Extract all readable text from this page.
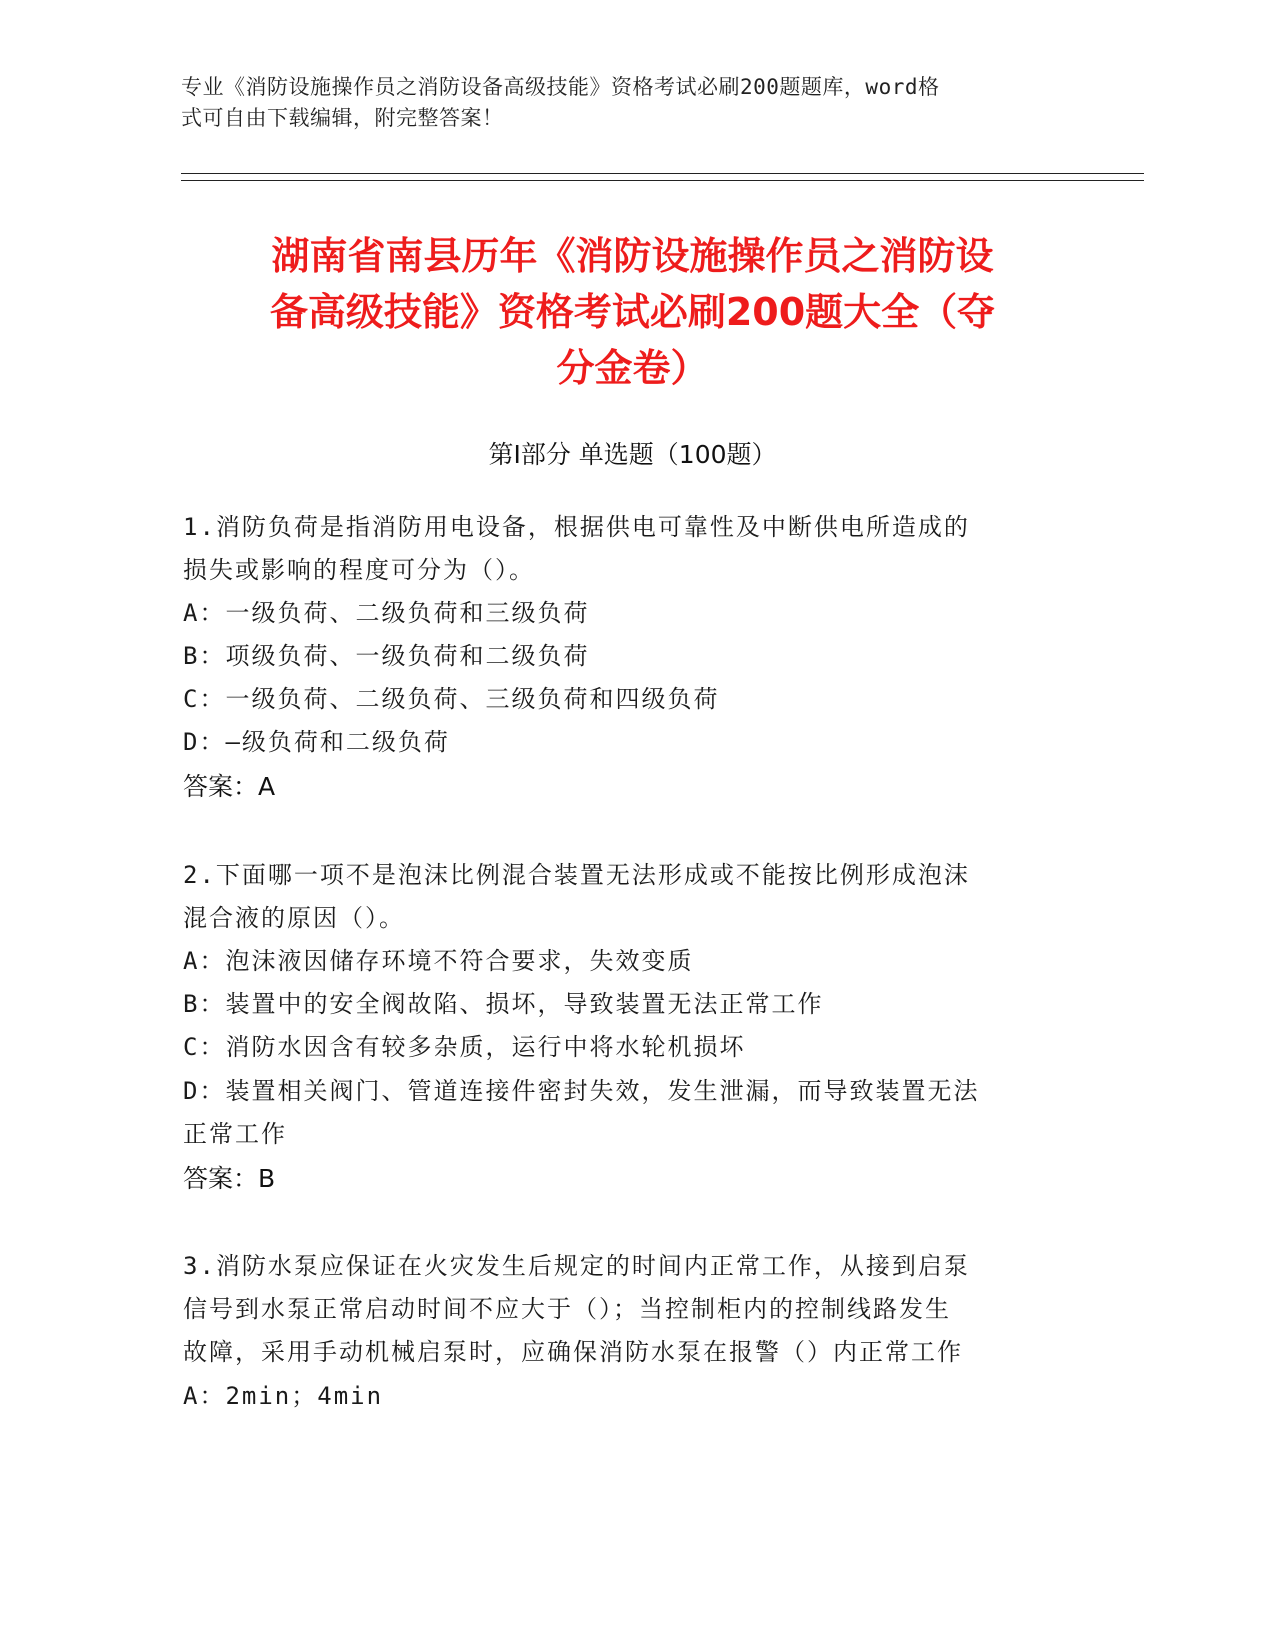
专业《消防设施操作员之消防设备高级技能》资格考试必刷200题题库，word格
式可自由下载编辑，附完整答案！
湖南省南县历年《消防设施操作员之消防设
备高级技能》资格考试必刷200题大全（夺
分金卷）
第Ⅰ部分 单选题（100题）
1.消防负荷是指消防用电设备，根据供电可靠性及中断供电所造成的
损失或影响的程度可分为（）。
A：一级负荷、二级负荷和三级负荷
B：项级负荷、一级负荷和二级负荷
C：一级负荷、二级负荷、三级负荷和四级负荷
D：—级负荷和二级负荷
答案：A
2.下面哪一项不是泡沫比例混合装置无法形成或不能按比例形成泡沫
混合液的原因（）。
A：泡沫液因储存环境不符合要求，失效变质
B：装置中的安全阀故陷、损坏，导致装置无法正常工作
C：消防水因含有较多杂质，运行中将水轮机损坏
D：装置相关阀门、管道连接件密封失效，发生泄漏，而导致装置无法
正常工作
答案：B
3.消防水泵应保证在火灾发生后规定的时间内正常工作，从接到启泵
信号到水泵正常启动时间不应大于（）；当控制柜内的控制线路发生
故障，采用手动机械启泵时，应确保消防水泵在报警（）内正常工作
A：2min；4min
